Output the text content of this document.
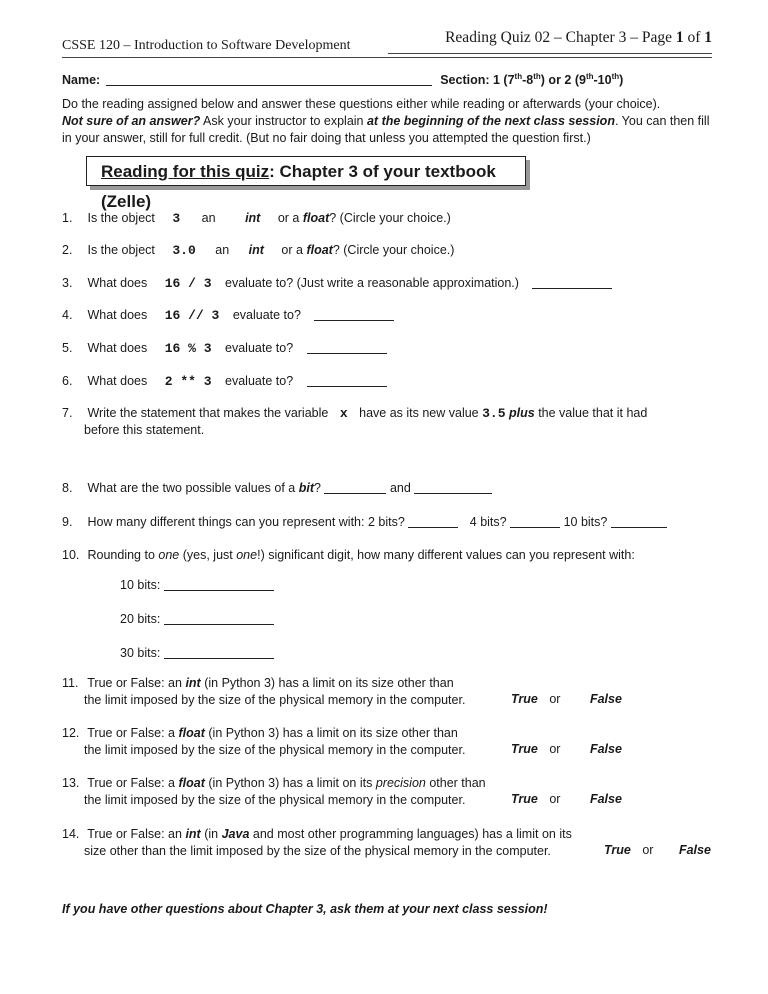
CSSE 120 – Introduction to Software Development	Reading Quiz 02 – Chapter 3 – Page 1 of 1
Name:	Section: 1 (7th-8th) or 2 (9th-10th)
Do the reading assigned below and answer these questions either while reading or afterwards (your choice).
Not sure of an answer? Ask your instructor to explain at the beginning of the next class session. You can then fill in your answer, still for full credit. (But no fair doing that unless you attempted the question first.)
Reading for this quiz: Chapter 3 of your textbook (Zelle)
1. Is the object 3 an int or a float? (Circle your choice.)
2. Is the object 3.0 an int or a float? (Circle your choice.)
3. What does 16 / 3 evaluate to? (Just write a reasonable approximation.)
4. What does 16 // 3 evaluate to?
5. What does 16 % 3 evaluate to?
6. What does 2 ** 3 evaluate to?
7. Write the statement that makes the variable x have as its new value 3.5 plus the value that it had
before this statement.
8. What are the two possible values of a bit?	and
9. How many different things can you represent with: 2 bits?	4 bits?	10 bits?
10. Rounding to one (yes, just one!) significant digit, how many different values can you represent with:
10 bits:
20 bits:
30 bits:
11. True or False: an int (in Python 3) has a limit on its size other than
the limit imposed by the size of the physical memory in the computer.	True or False
12. True or False: a float (in Python 3) has a limit on its size other than
the limit imposed by the size of the physical memory in the computer.	True or False
13. True or False: a float (in Python 3) has a limit on its precision other than
the limit imposed by the size of the physical memory in the computer.	True or False
14. True or False: an int (in Java and most other programming languages) has a limit on its
size other than the limit imposed by the size of the physical memory in the computer.	True or False
If you have other questions about Chapter 3, ask them at your next class session!
